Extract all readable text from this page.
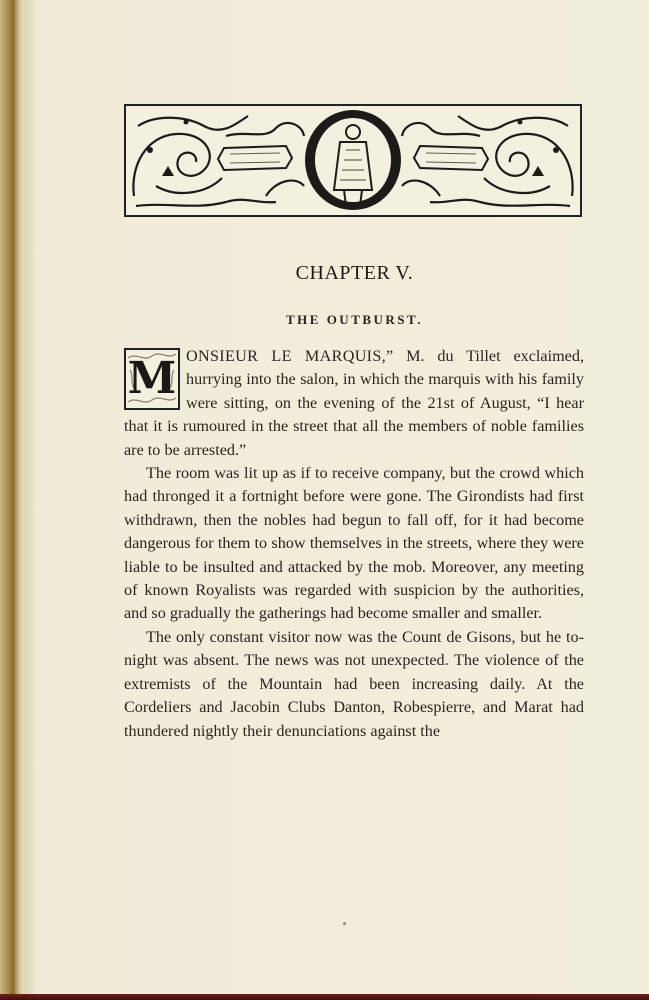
CHAPTER V.
THE OUTBURST.

M ONSIEUR LE MARQUIS,” M. du Tillet exclaimed, hurrying into the salon, in which the marquis with his family were sitting, on the evening of the 21st of August, “I hear that it is rumoured in the street that all the members of noble families are to be arrested.”

The room was lit up as if to receive company, but the crowd which had thronged it a fortnight before were gone. The Girondists had first withdrawn, then the nobles had begun to fall off, for it had become dangerous for them to show themselves in the streets, where they were liable to be insulted and attacked by the mob. Moreover, any meeting of known Royalists was regarded with suspicion by the authorities, and so gradually the gatherings had become smaller and smaller.

The only constant visitor now was the Count de Gisons, but he to-night was absent. The news was not unexpected. The violence of the extremists of the Mountain had been increasing daily. At the Cordeliers and Jacobin Clubs Danton, Robespierre, and Marat had thundered nightly their denunciations against the
